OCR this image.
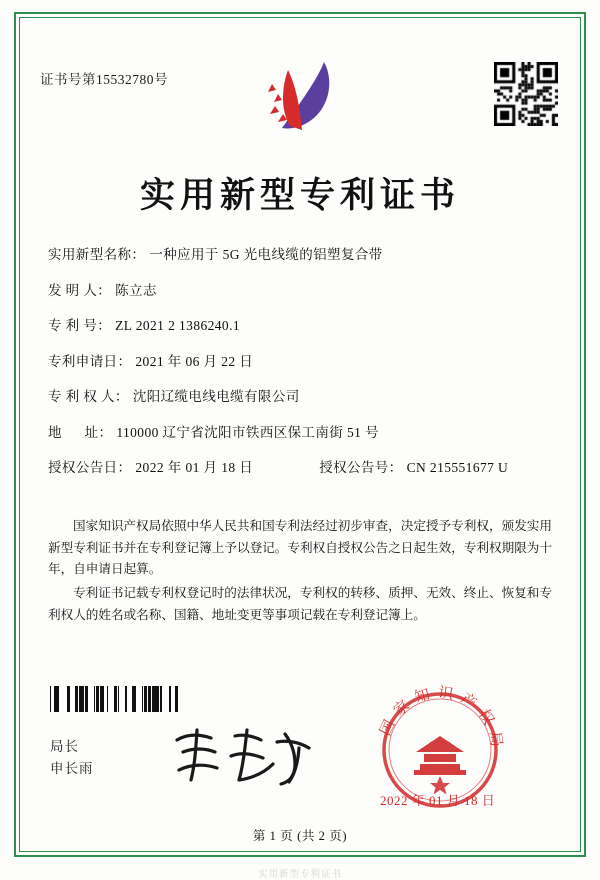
证书号第15532780号
实用新型专利证书
实用新型名称： 一种应用于 5G 光电线缆的铝塑复合带
发 明 人： 陈立志
专 利 号： ZL 2021 2 1386240.1
专利申请日： 2021 年 06 月 22 日
专 利 权 人： 沈阳辽缆电线电缆有限公司
地      址： 110000 辽宁省沈阳市铁西区保工南街 51 号
授权公告日： 2022 年 01 月 18 日	授权公告号： CN 215551677 U

国家知识产权局依照中华人民共和国专利法经过初步审查，决定授予专利权，颁发实用新型专利证书并在专利登记簿上予以登记。专利权自授权公告之日起生效，专利权期限为十年，自申请日起算。

专利证书记载专利权登记时的法律状况，专利权的转移、质押、无效、终止、恢复和专利权人的姓名或名称、国籍、地址变更等事项记载在专利登记簿上。

局长
申长雨
国家知识产权局
2022 年 01 月 18 日
第 1 页 (共 2 页)
实用新型专利证书
